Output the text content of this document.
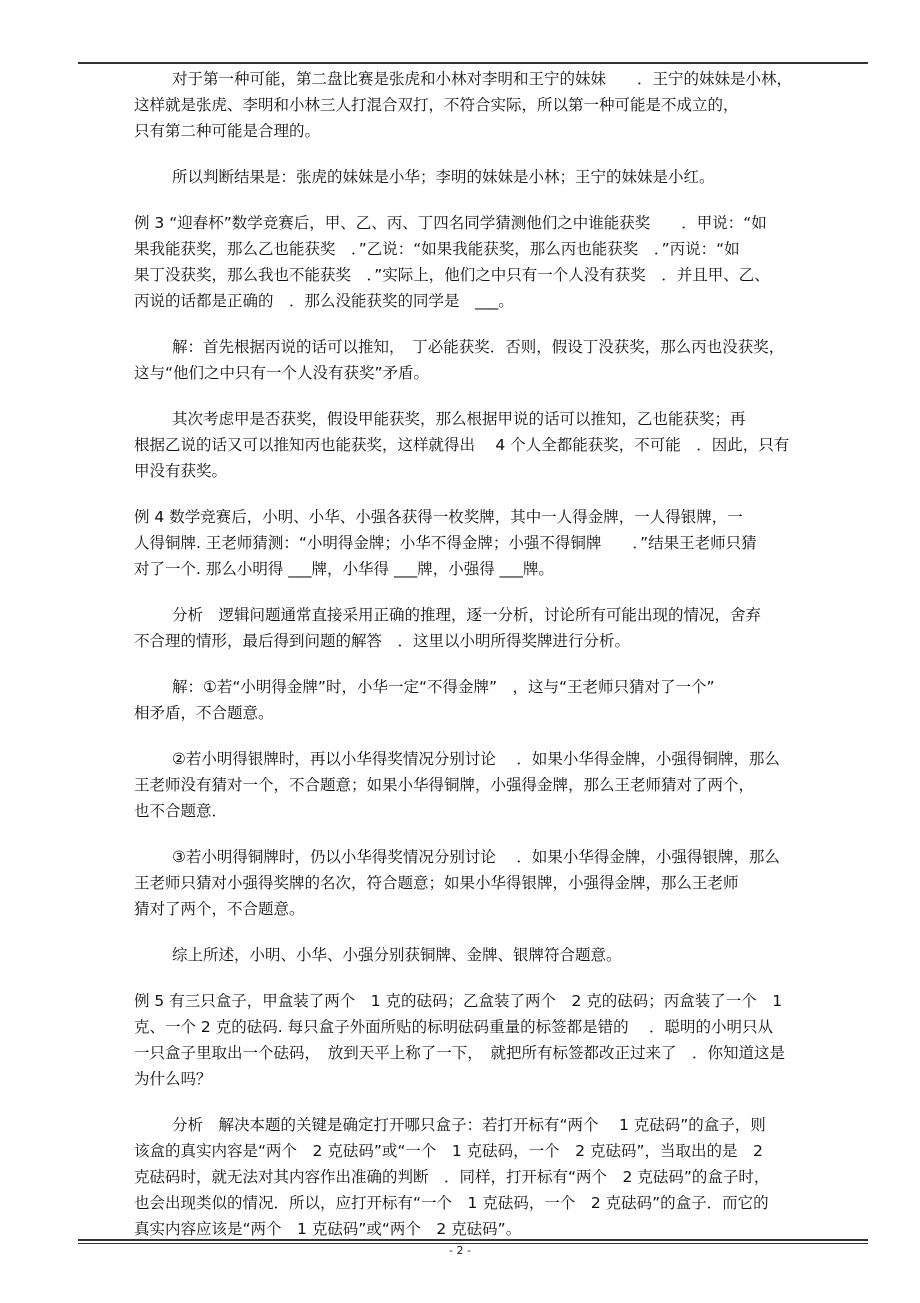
对于第一种可能，第二盘比赛是张虎和小林对李明和王宁的妹妹　　．王宁的妹妹是小林，
这样就是张虎、李明和小林三人打混合双打，不符合实际，所以第一种可能是不成立的，
只有第二种可能是合理的。
所以判断结果是：张虎的妹妹是小华；李明的妹妹是小林；王宁的妹妹是小红。
例 3 “迎春杯”数学竞赛后，甲、乙、丙、丁四名同学猜测他们之中谁能获奖　　．甲说：“如
果我能获奖，那么乙也能获奖　．”乙说：“如果我能获奖，那么丙也能获奖　．”丙说：“如
果丁没获奖，那么我也不能获奖　．”实际上，他们之中只有一个人没有获奖　．并且甲、乙、
丙说的话都是正确的　．那么没能获奖的同学是　___。
解：首先根据丙说的话可以推知，　丁必能获奖．否则，假设丁没获奖，那么丙也没获奖，
这与“他们之中只有一个人没有获奖”矛盾。
其次考虑甲是否获奖，假设甲能获奖，那么根据甲说的话可以推知，乙也能获奖；再
根据乙说的话又可以推知丙也能获奖，这样就得出　 4 个人全都能获奖，不可能　．因此，只有
甲没有获奖。
例 4 数学竞赛后，小明、小华、小强各获得一枚奖牌，其中一人得金牌，一人得银牌，一
人得铜牌. 王老师猜测：“小明得金牌；小华不得金牌；小强不得铜牌　　．”结果王老师只猜
对了一个. 那么小明得 ___牌，小华得 ___牌，小强得 ___牌。
分析　逻辑问题通常直接采用正确的推理，逐一分析，讨论所有可能出现的情况，舍弃
不合理的情形，最后得到问题的解答　．这里以小明所得奖牌进行分析。
解：①若“小明得金牌”时，小华一定“不得金牌”　，这与“王老师只猜对了一个”
相矛盾，不合题意。
②若小明得银牌时，再以小华得奖情况分别讨论　 ．如果小华得金牌，小强得铜牌，那么
王老师没有猜对一个，不合题意；如果小华得铜牌，小强得金牌，那么王老师猜对了两个，
也不合题意．
③若小明得铜牌时，仍以小华得奖情况分别讨论　 ．如果小华得金牌，小强得银牌，那么
王老师只猜对小强得奖牌的名次，符合题意；如果小华得银牌，小强得金牌，那么王老师
猜对了两个，不合题意。
综上所述，小明、小华、小强分别获铜牌、金牌、银牌符合题意。
例 5 有三只盒子，甲盒装了两个　1 克的砝码；乙盒装了两个　2 克的砝码；丙盒装了一个　1
克、一个 2 克的砝码. 每只盒子外面所贴的标明砝码重量的标签都是错的　 ．聪明的小明只从
一只盒子里取出一个砝码，　放到天平上称了一下，　就把所有标签都改正过来了　．你知道这是
为什么吗？
分析　解决本题的关键是确定打开哪只盒子：若打开标有“两个　 1 克砝码”的盒子，则
该盒的真实内容是“两个　2 克砝码”或“一个　1 克砝码，一个　2 克砝码”，当取出的是　2
克砝码时，就无法对其内容作出准确的判断　．同样，打开标有“两个　2 克砝码”的盒子时，
也会出现类似的情况．所以，应打开标有“一个　1 克砝码，一个　2 克砝码”的盒子．而它的
真实内容应该是“两个　1 克砝码”或“两个　2 克砝码”。
- 2 -
